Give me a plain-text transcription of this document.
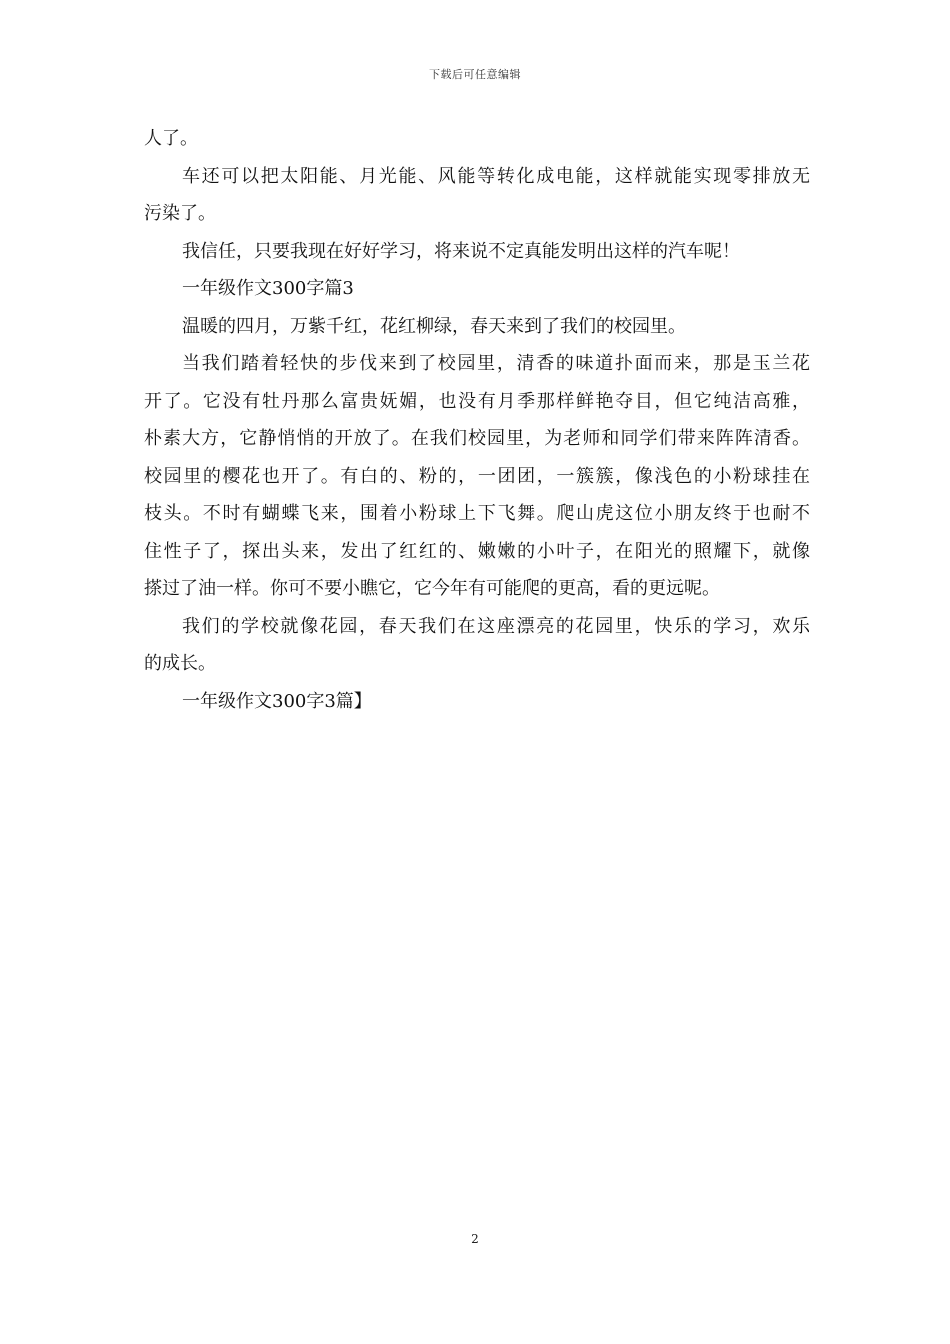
下载后可任意编辑
人了。
车还可以把太阳能、月光能、风能等转化成电能，这样就能实现零排放无
污染了。
我信任，只要我现在好好学习，将来说不定真能发明出这样的汽车呢！
一年级作文300字篇3
温暖的四月，万紫千红，花红柳绿，春天来到了我们的校园里。
当我们踏着轻快的步伐来到了校园里，清香的味道扑面而来，那是玉兰花
开了。它没有牡丹那么富贵妩媚，也没有月季那样鲜艳夺目，但它纯洁高雅，
朴素大方，它静悄悄的开放了。在我们校园里，为老师和同学们带来阵阵清香。
校园里的樱花也开了。有白的、粉的，一团团，一簇簇，像浅色的小粉球挂在
枝头。不时有蝴蝶飞来，围着小粉球上下飞舞。爬山虎这位小朋友终于也耐不
住性子了，探出头来，发出了红红的、嫩嫩的小叶子，在阳光的照耀下，就像
搽过了油一样。你可不要小瞧它，它今年有可能爬的更高，看的更远呢。
我们的学校就像花园，春天我们在这座漂亮的花园里，快乐的学习，欢乐
的成长。
一年级作文300字3篇】
2
